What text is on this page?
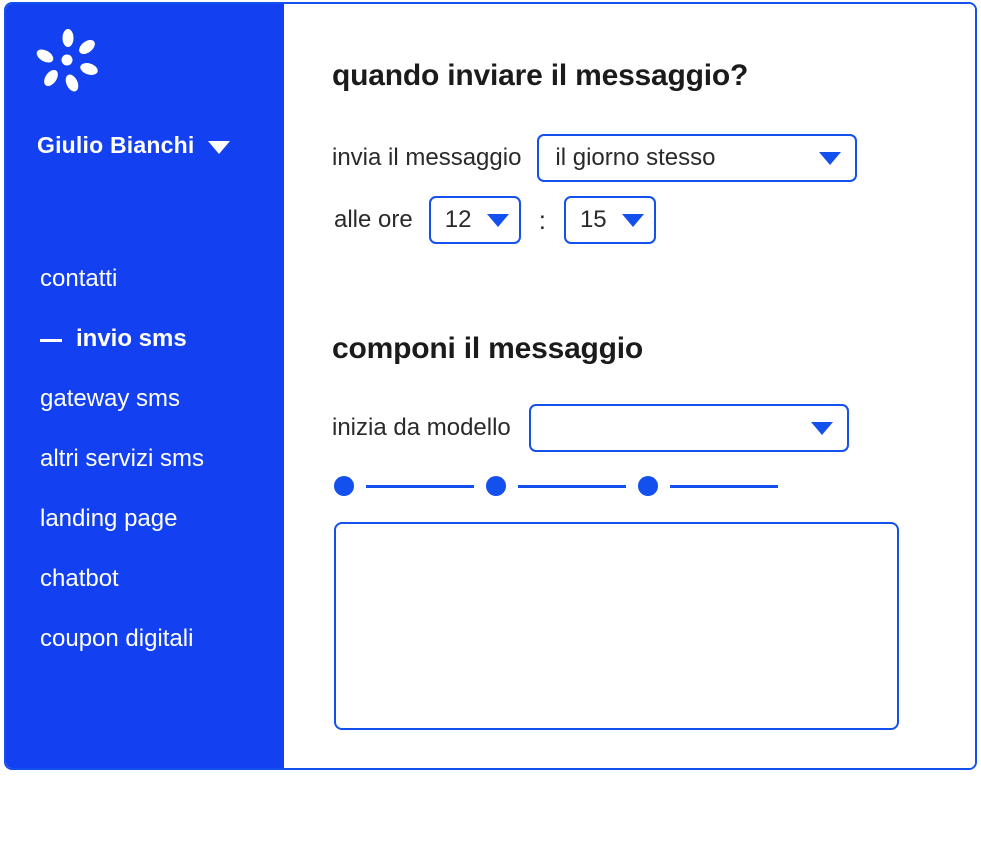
Giulio Bianchi
contatti
invio sms
gateway sms
altri servizi sms
landing page
chatbot
coupon digitali
quando inviare il messaggio?
invia il messaggio il giorno stesso
alle ore 12	: 15
componi il messaggio
inizia da modello
